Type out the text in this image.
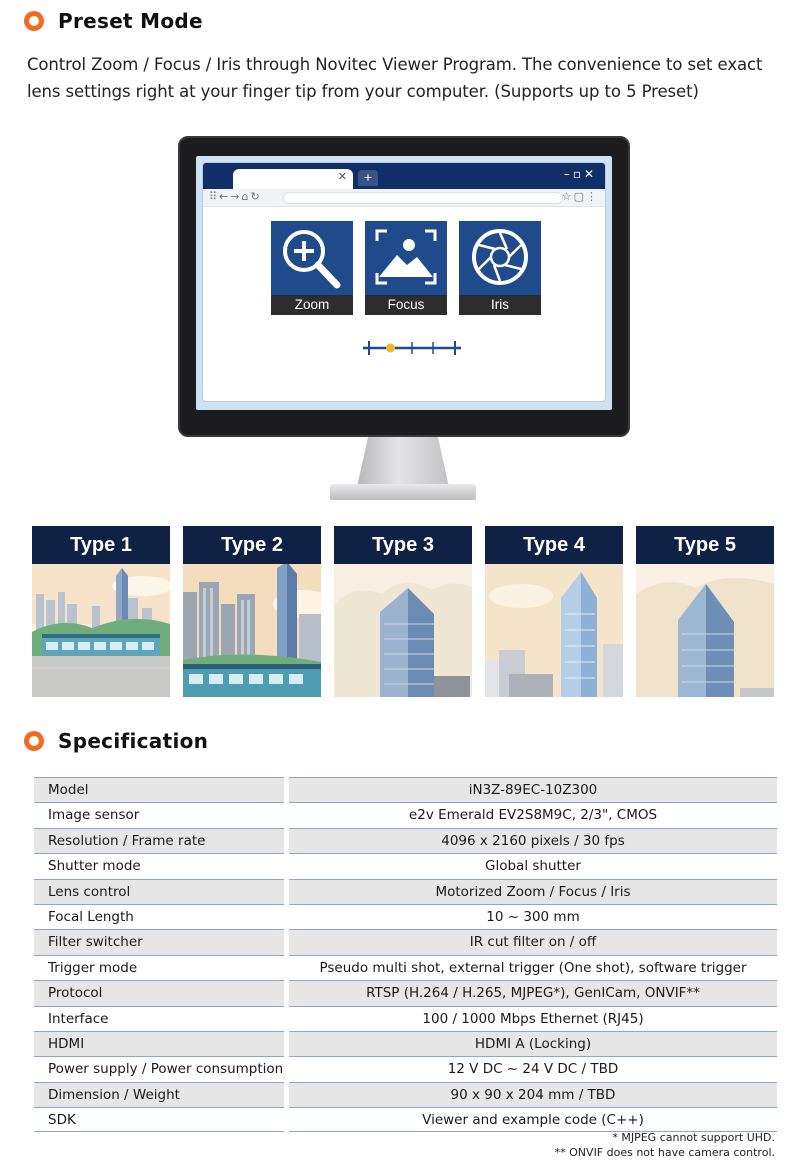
Preset Mode

Control Zoom / Focus / Iris through Novitec Viewer Program. The convenience to set exact lens settings right at your finger tip from your computer. (Supports up to 5 Preset)

✕	+	–▫✕
⠿←→⌂↻	☆▢⋮
Zoom	Focus	Iris
Type 1	Type 2	Type 3	Type 4	Type 5
Specification
Model	iN3Z-89EC-10Z300
Image sensor	e2v Emerald EV2S8M9C, 2/3", CMOS
Resolution / Frame rate	4096 x 2160 pixels / 30 fps
Shutter mode	Global shutter
Lens control	Motorized Zoom / Focus / Iris
Focal Length	10 ~ 300 mm
Filter switcher	IR cut filter on / off
Trigger mode	Pseudo multi shot, external trigger (One shot), software trigger
Protocol	RTSP (H.264 / H.265, MJPEG*), GenICam, ONVIF**
Interface	100 / 1000 Mbps Ethernet (RJ45)
HDMI	HDMI A (Locking)
Power supply / Power consumption	12 V DC ~ 24 V DC / TBD
Dimension / Weight	90 x 90 x 204 mm / TBD
SDK	Viewer and example code (C++)
* MJPEG cannot support UHD.
** ONVIF does not have camera control.
